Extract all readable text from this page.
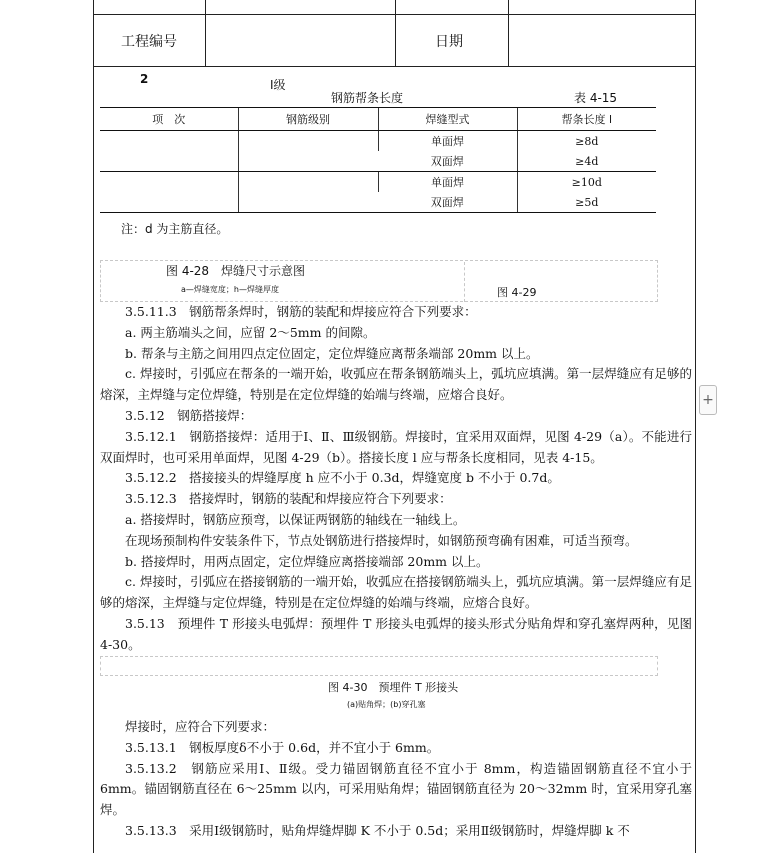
工程编号	日期
2	Ⅰ级
钢筋帮条长度	表 4-15
项　次	钢筋级别	焊缝型式	帮条长度 l
		单面焊	≥8d
		双面焊	≥4d
		单面焊	≥10d
		双面焊	≥5d
注：d 为主筋直径。
图 4-28　焊缝尺寸示意图
a—焊缝宽度；h—焊缝厚度	图 4-29

3.5.11.3　钢筋帮条焊时，钢筋的装配和焊接应符合下列要求：

a. 两主筋端头之间，应留 2～5mm 的间隙。

b. 帮条与主筋之间用四点定位固定，定位焊缝应离帮条端部 20mm 以上。

c. 焊接时，引弧应在帮条的一端开始，收弧应在帮条钢筋端头上，弧坑应填满。第一层焊缝应有足够的熔深，主焊缝与定位焊缝，特别是在定位焊缝的始端与终端，应熔合良好。

3.5.12　钢筋搭接焊：

3.5.12.1　钢筋搭接焊：适用于Ⅰ、Ⅱ、Ⅲ级钢筋。焊接时，宜采用双面焊，见图 4-29（a）。不能进行双面焊时，也可采用单面焊，见图 4-29（b）。搭接长度 l 应与帮条长度相同，见表 4-15。

3.5.12.2　搭接接头的焊缝厚度 h 应不小于 0.3d，焊缝宽度 b 不小于 0.7d。

3.5.12.3　搭接焊时，钢筋的装配和焊接应符合下列要求：

a. 搭接焊时，钢筋应预弯，以保证两钢筋的轴线在一轴线上。

在现场预制构件安装条件下，节点处钢筋进行搭接焊时，如钢筋预弯确有困难，可适当预弯。

b. 搭接焊时，用两点固定，定位焊缝应离搭接端部 20mm 以上。

c. 焊接时，引弧应在搭接钢筋的一端开始，收弧应在搭接钢筋端头上，弧坑应填满。第一层焊缝应有足够的熔深，主焊缝与定位焊缝，特别是在定位焊缝的始端与终端，应熔合良好。

3.5.13　预埋件 T 形接头电弧焊：预埋件 T 形接头电弧焊的接头形式分贴角焊和穿孔塞焊两种，见图 4-30。

图 4-30　预埋件 T 形接头
(a)贴角焊；(b)穿孔塞

焊接时，应符合下列要求：

3.5.13.1　钢板厚度δ不小于 0.6d，并不宜小于 6mm。

3.5.13.2　钢筋应采用Ⅰ、Ⅱ级。受力锚固钢筋直径不宜小于 8mm，构造锚固钢筋直径不宜小于 6mm。锚固钢筋直径在 6～25mm 以内，可采用贴角焊；锚固钢筋直径为 20～32mm 时，宜采用穿孔塞焊。

3.5.13.3　采用Ⅰ级钢筋时，贴角焊缝焊脚 K 不小于 0.5d；采用Ⅱ级钢筋时，焊缝焊脚 k 不

+
